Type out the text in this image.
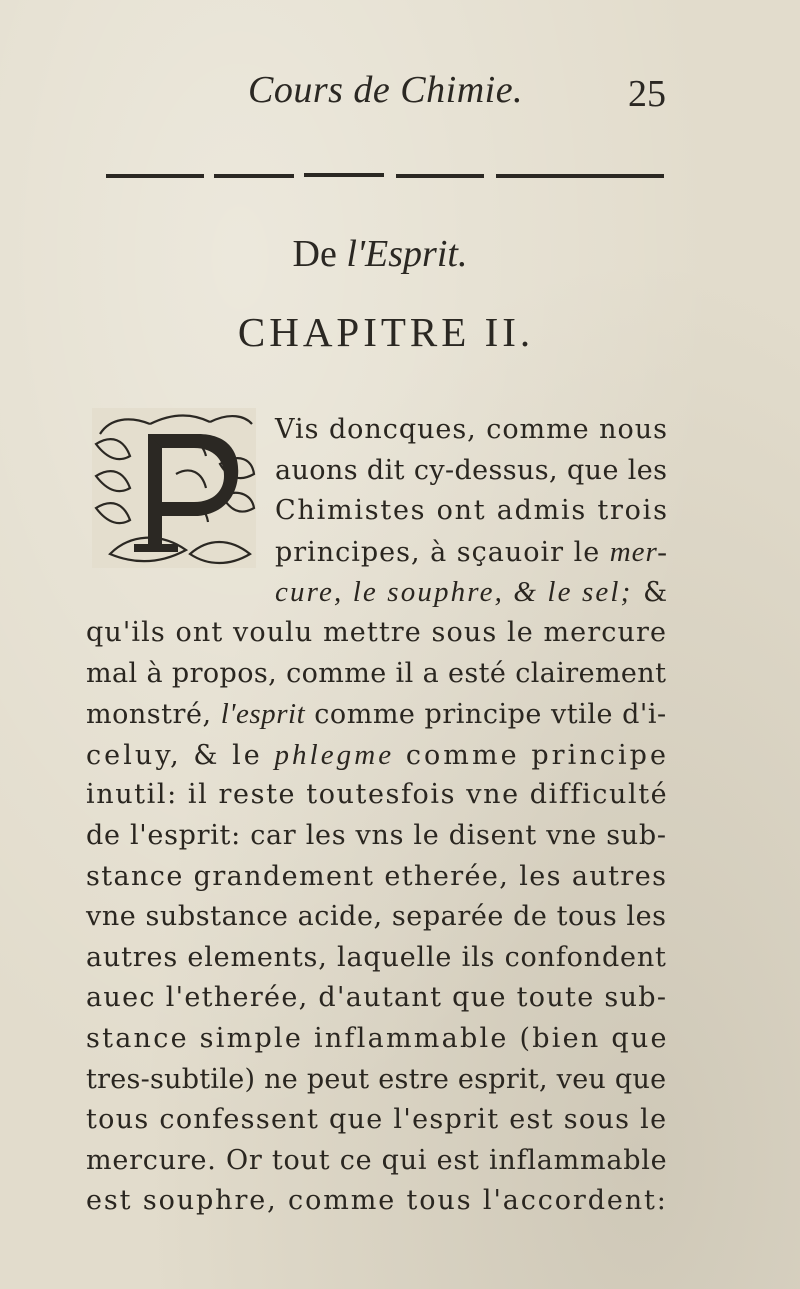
Cours de Chimie.	25
De l'Esprit.
CHAPITRE II.
Vis doncques, comme nous
auons dit cy-dessus, que les
Chimistes ont admis trois
principes, à sçauoir le mer-
cure, le souphre, & le sel; &
qu'ils ont voulu mettre sous le mercure
mal à propos, comme il a esté clairement
monstré, l'esprit comme principe vtile d'i-
celuy, & le phlegme comme principe
inutil: il reste toutesfois vne difficulté
de l'esprit: car les vns le disent vne sub-
stance grandement etherée, les autres
vne substance acide, separée de tous les
autres elements, laquelle ils confondent
auec l'etherée, d'autant que toute sub-
stance simple inflammable (bien que
tres-subtile) ne peut estre esprit, veu que
tous confessent que l'esprit est sous le
mercure. Or tout ce qui est inflammable
est souphre, comme tous l'accordent:
